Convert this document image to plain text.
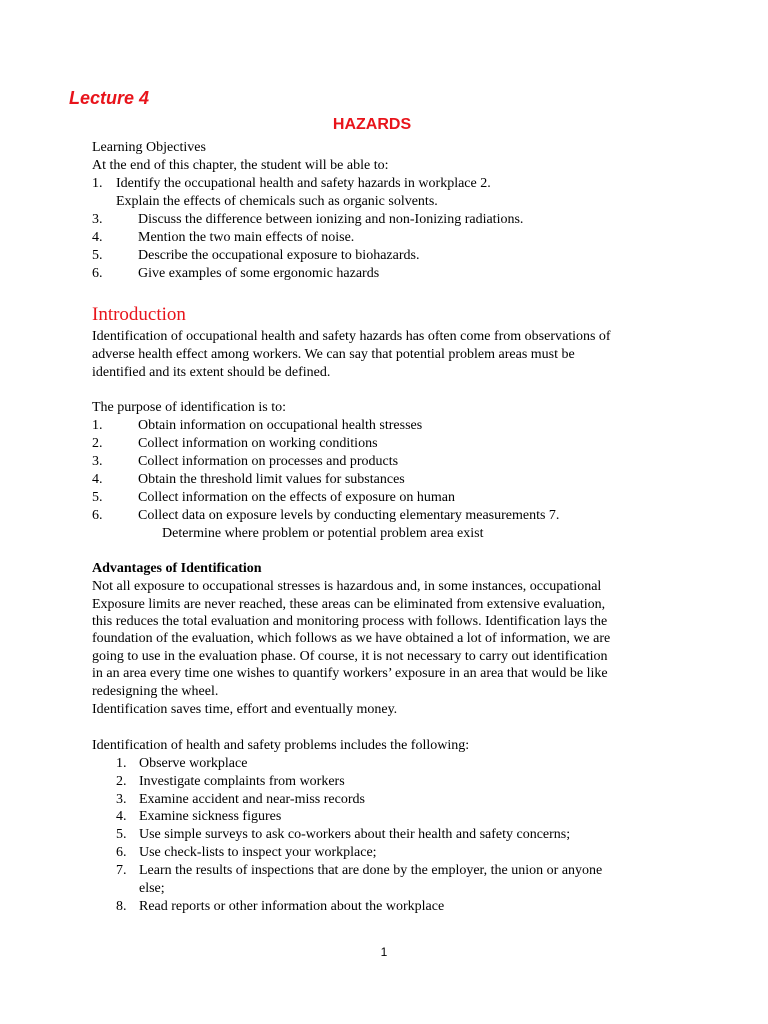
Lecture 4
HAZARDS
Learning Objectives
At the end of this chapter, the student will be able to:
1. Identify the occupational health and safety hazards in workplace 2.
Explain the effects of chemicals such as organic solvents.
3.	Discuss the difference between ionizing and non-Ionizing radiations.
4.	Mention the two main effects of noise.
5.	Describe the occupational exposure to biohazards.
6.	Give examples of some ergonomic hazards
Introduction
Identification of occupational health and safety hazards has often come from observations of
adverse health effect among workers. We can say that potential problem areas must be
identified and its extent should be defined.
The purpose of identification is to:
1.	Obtain information on occupational health stresses
2.	Collect information on working conditions
3.	Collect information on processes and products
4.	Obtain the threshold limit values for substances
5.	Collect information on the effects of exposure on human
6.	Collect data on exposure levels by conducting elementary measurements 7.
Determine where problem or potential problem area exist
Advantages of Identification
Not all exposure to occupational stresses is hazardous and, in some instances, occupational
Exposure limits are never reached, these areas can be eliminated from extensive evaluation,
this reduces the total evaluation and monitoring process with follows. Identification lays the
foundation of the evaluation, which follows as we have obtained a lot of information, we are
going to use in the evaluation phase. Of course, it is not necessary to carry out identification
in an area every time one wishes to quantify workers’ exposure in an area that would be like
redesigning the wheel.
Identification saves time, effort and eventually money.
Identification of health and safety problems includes the following:
1. Observe workplace
2. Investigate complaints from workers
3. Examine accident and near-miss records
4. Examine sickness figures
5. Use simple surveys to ask co-workers about their health and safety concerns;
6. Use check-lists to inspect your workplace;
7. Learn the results of inspections that are done by the employer, the union or anyone
else;
8. Read reports or other information about the workplace
1
